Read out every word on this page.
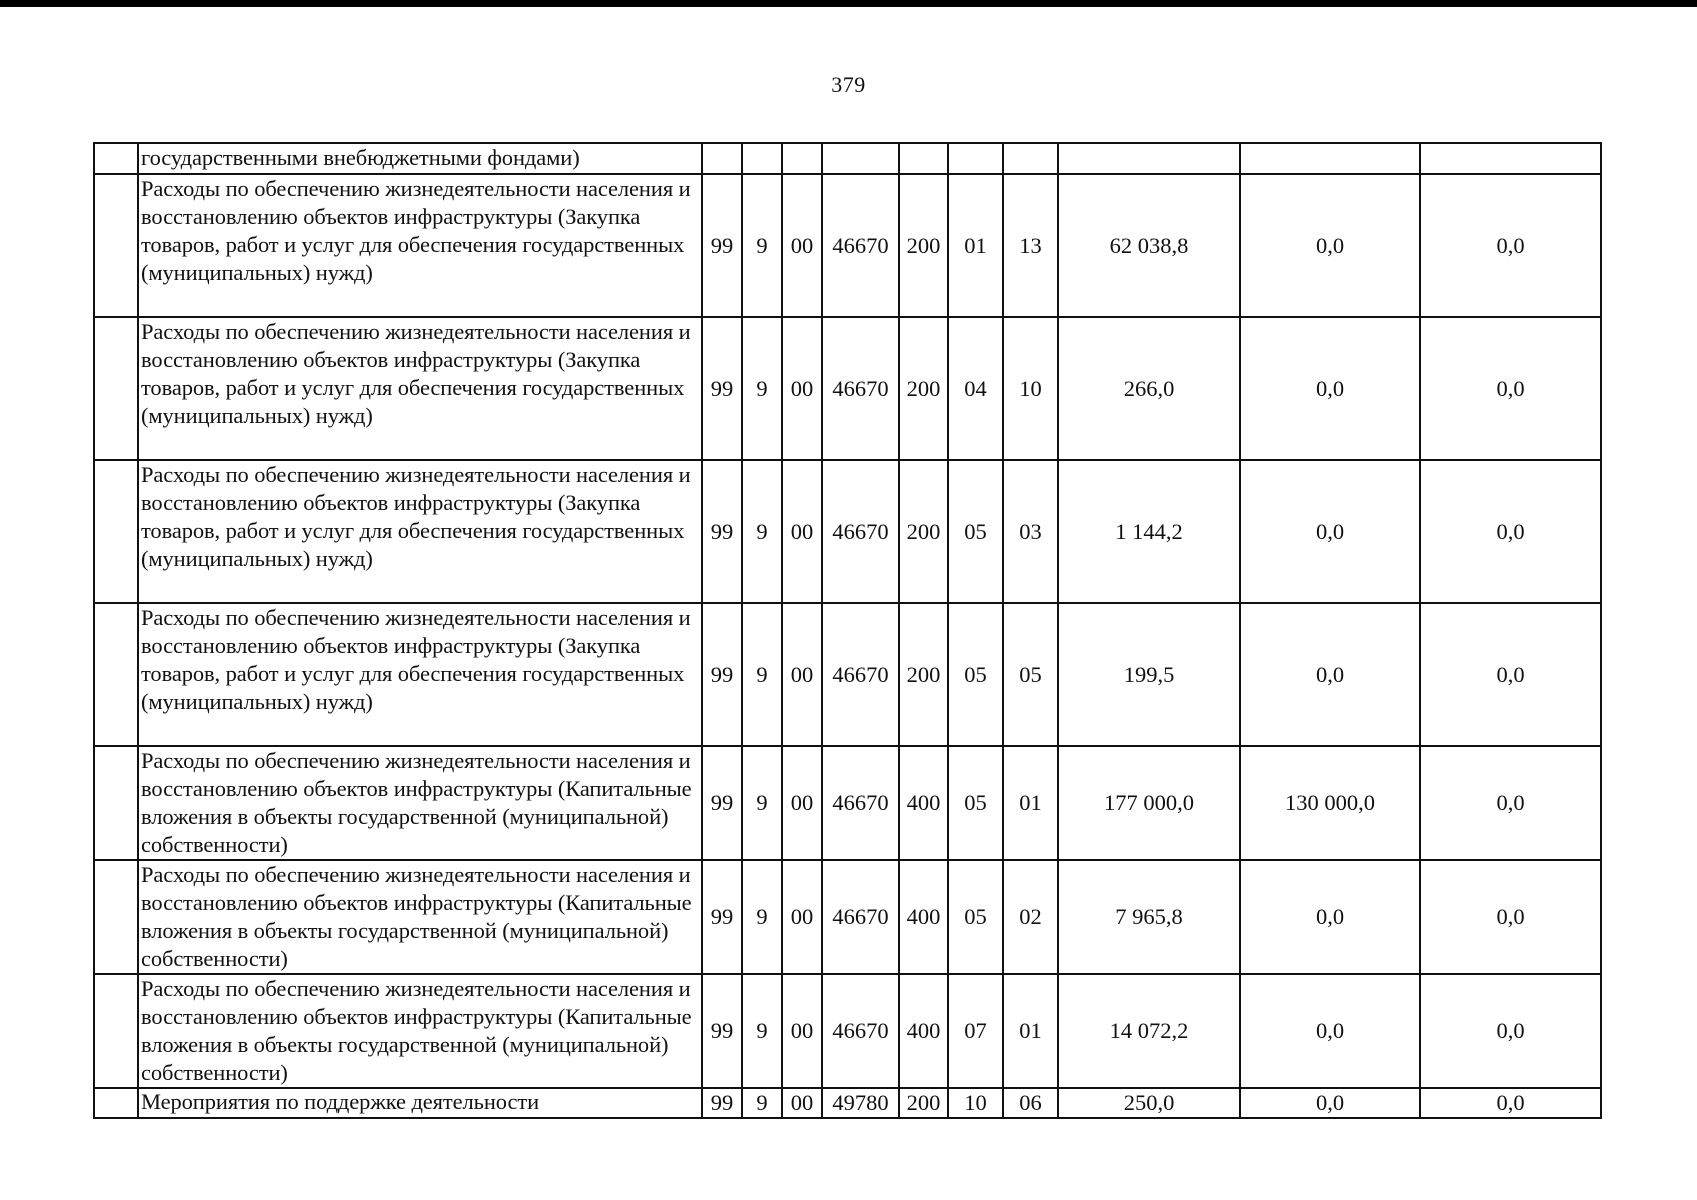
379
	государственными внебюджетными фондами)										
	Расходы по обеспечению жизнедеятельности населения и восстановлению объектов инфраструктуры (Закупка товаров, работ и услуг для обеспечения государственных (муниципальных) нужд)	99	9	00	46670	200	01	13	62 038,8	0,0	0,0
	Расходы по обеспечению жизнедеятельности населения и восстановлению объектов инфраструктуры (Закупка товаров, работ и услуг для обеспечения государственных (муниципальных) нужд)	99	9	00	46670	200	04	10	266,0	0,0	0,0
	Расходы по обеспечению жизнедеятельности населения и восстановлению объектов инфраструктуры (Закупка товаров, работ и услуг для обеспечения государственных (муниципальных) нужд)	99	9	00	46670	200	05	03	1 144,2	0,0	0,0
	Расходы по обеспечению жизнедеятельности населения и восстановлению объектов инфраструктуры (Закупка товаров, работ и услуг для обеспечения государственных (муниципальных) нужд)	99	9	00	46670	200	05	05	199,5	0,0	0,0
	Расходы по обеспечению жизнедеятельности населения и восстановлению объектов инфраструктуры (Капитальные вложения в объекты государственной (муниципальной) собственности)	99	9	00	46670	400	05	01	177 000,0	130 000,0	0,0
	Расходы по обеспечению жизнедеятельности населения и восстановлению объектов инфраструктуры (Капитальные вложения в объекты государственной (муниципальной) собственности)	99	9	00	46670	400	05	02	7 965,8	0,0	0,0
	Расходы по обеспечению жизнедеятельности населения и восстановлению объектов инфраструктуры (Капитальные вложения в объекты государственной (муниципальной) собственности)	99	9	00	46670	400	07	01	14 072,2	0,0	0,0
	Мероприятия по поддержке деятельности	99	9	00	49780	200	10	06	250,0	0,0	0,0
